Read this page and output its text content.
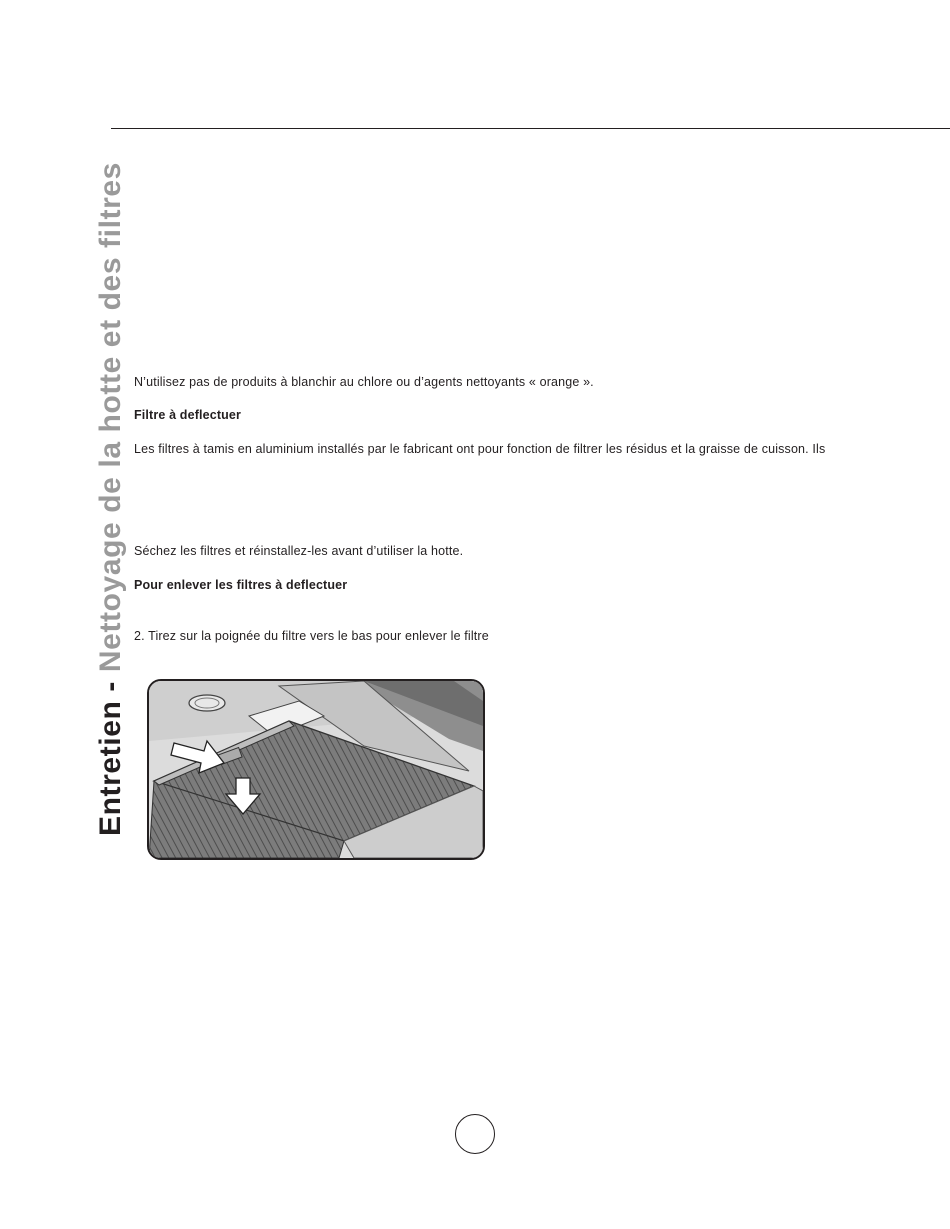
Entretien - Nettoyage de la hotte et des filtres N’utilisez pas de produits à blanchir au chlore ou d’agents nettoyants « orange ».
Filtre à deflectuer
Les filtres à tamis en aluminium installés par le fabricant ont pour fonction de filtrer les résidus et la graisse de cuisson. Ils
Séchez les filtres et réinstallez-les avant d’utiliser la hotte.
Pour enlever les filtres à deflectuer
2. Tirez sur la poignée du filtre vers le bas pour enlever le filtre
